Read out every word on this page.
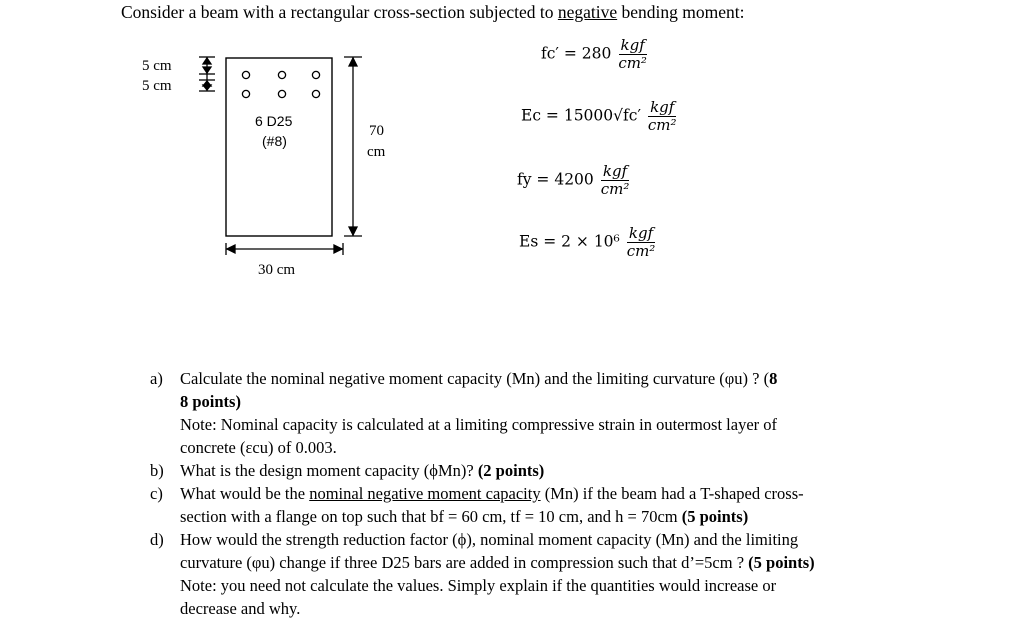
Consider a beam with a rectangular cross-section subjected to negative bending moment:
5 cm
5 cm
6 D25
(#8)
70
cm
30 cm
$fc' = 280 \frac{\text{kgf}}{\text{cm²}}$
$Ec = 15000√fc' \frac{\text{kgf}}{\text{cm²}}$
fy = $4200 \frac{\text{kgf}}{\text{cm²}}$
$Es = 2 \times 10^6 \frac{\text{kgf}}{\text{cm²}}$
a) Calculate the nominal negative moment capacity (Mn) and the limiting curvature (φu) ? (8
8 points)
Note: Nominal capacity is calculated at a limiting compressive strain in outermost layer of
concrete (εcu) of 0.003.
b) What is the design moment capacity (ϕMn)? (2 points)
c) What would be the nominal negative moment capacity (Mn) if the beam had a T-shaped cross-
section with a flange on top such that bf = 60 cm, tf = 10 cm, and h = 70cm (5 points)
d) How would the strength reduction factor (ϕ), nominal moment capacity (Mn) and the limiting
curvature (φu) change if three D25 bars are added in compression such that d’=5cm ? (5 points)
Note: you need not calculate the values. Simply explain if the quantities would increase or
decrease and why.
